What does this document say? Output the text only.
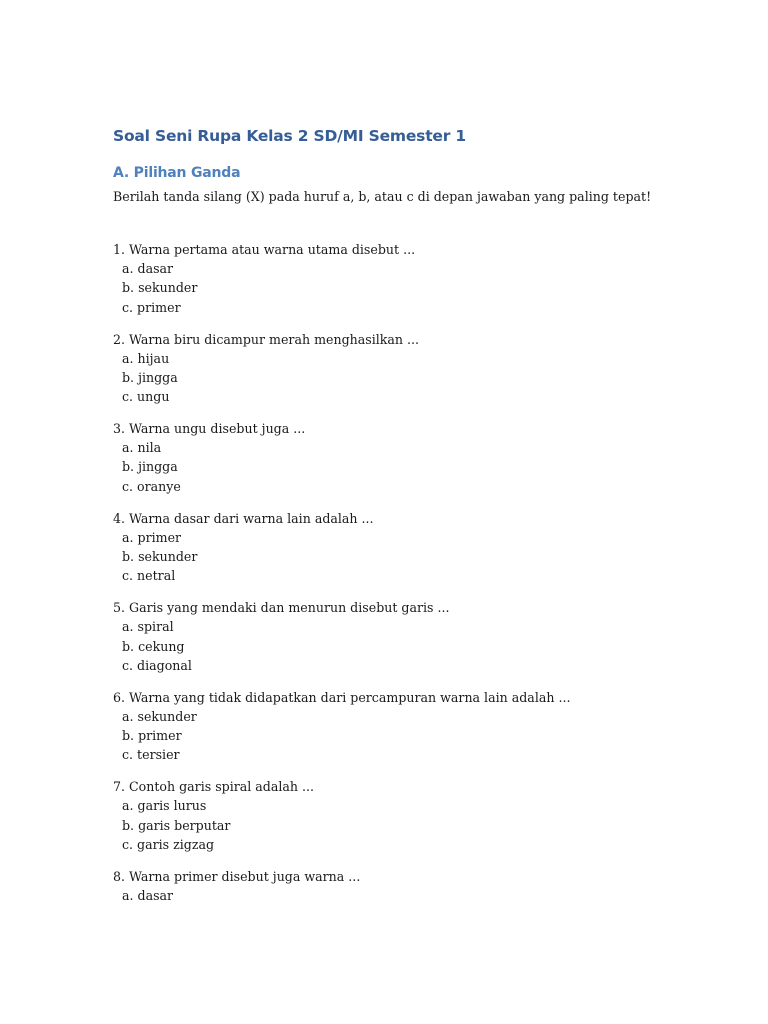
Soal Seni Rupa Kelas 2 SD/MI Semester 1
A. Pilihan Ganda

Berilah tanda silang (X) pada huruf a, b, atau c di depan jawaban yang paling tepat!

1. Warna pertama atau warna utama disebut ...
a. dasar
b. sekunder
c. primer
2. Warna biru dicampur merah menghasilkan ...
a. hijau
b. jingga
c. ungu
3. Warna ungu disebut juga ...
a. nila
b. jingga
c. oranye
4. Warna dasar dari warna lain adalah ...
a. primer
b. sekunder
c. netral
5. Garis yang mendaki dan menurun disebut garis ...
a. spiral
b. cekung
c. diagonal
6. Warna yang tidak didapatkan dari percampuran warna lain adalah ...
a. sekunder
b. primer
c. tersier
7. Contoh garis spiral adalah ...
a. garis lurus
b. garis berputar
c. garis zigzag
8. Warna primer disebut juga warna ...
a. dasar
